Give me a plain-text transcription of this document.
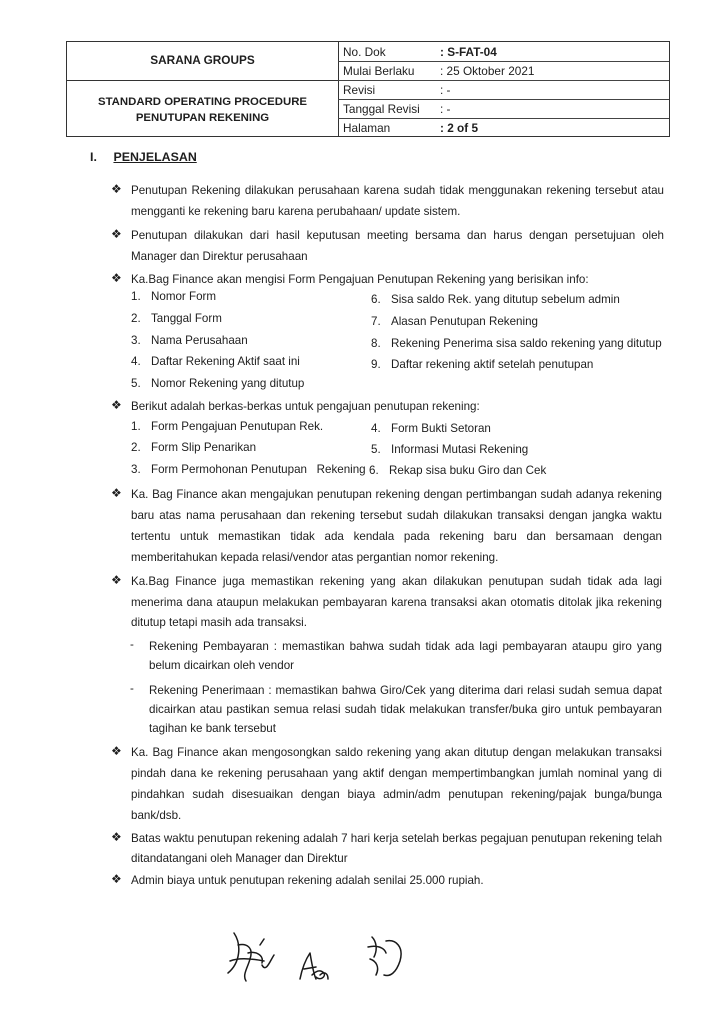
SARANA GROUPS
STANDARD OPERATING PROCEDURE
PENUTUPAN REKENING
No. Dok	: S-FAT-04
Mulai Berlaku : 25 Oktober 2021
Revisi	: -
Tanggal Revisi : -
Halaman	: 2 of 5
I. PENJELASAN
❖ Penutupan Rekening dilakukan perusahaan karena sudah tidak menggunakan rekening tersebut atau
mengganti ke rekening baru karena perubahaan/ update sistem.
❖ Penutupan dilakukan dari hasil keputusan meeting bersama dan harus dengan persetujuan oleh
Manager dan Direktur perusahaan
❖ Ka.Bag Finance akan mengisi Form Pengajuan Penutupan Rekening yang berisikan info:
1. Nomor Form
2. Tanggal Form
3. Nama Perusahaan
4. Daftar Rekening Aktif saat ini
5. Nomor Rekening yang ditutup
6. Sisa saldo Rek. yang ditutup sebelum admin
7. Alasan Penutupan Rekening
8. Rekening Penerima sisa saldo rekening yang ditutup
9. Daftar rekening aktif setelah penutupan
❖ Berikut adalah berkas-berkas untuk pengajuan penutupan rekening:
1. Form Pengajuan Penutupan Rek.
2. Form Slip Penarikan
3. Form Permohonan Penutupan   Rekening
4. Form Bukti Setoran
5. Informasi Mutasi Rekening
6. Rekap sisa buku Giro dan Cek
❖ Ka. Bag Finance akan mengajukan penutupan rekening dengan pertimbangan sudah adanya rekening
baru atas nama perusahaan dan rekening tersebut sudah dilakukan transaksi dengan jangka waktu
tertentu untuk memastikan tidak ada kendala pada rekening baru dan bersamaan dengan
memberitahukan kepada relasi/vendor atas pergantian nomor rekening.
❖ Ka.Bag Finance juga memastikan rekening yang akan dilakukan penutupan sudah tidak ada lagi
menerima dana ataupun melakukan pembayaran karena transaksi akan otomatis ditolak jika rekening
ditutup tetapi masih ada transaksi.
- Rekening Pembayaran : memastikan bahwa sudah tidak ada lagi pembayaran ataupu giro yang
belum dicairkan oleh vendor
- Rekening Penerimaan : memastikan bahwa Giro/Cek yang diterima dari relasi sudah semua dapat
dicairkan atau pastikan semua relasi sudah tidak melakukan transfer/buka giro untuk pembayaran
tagihan ke bank tersebut
❖ Ka. Bag Finance akan mengosongkan saldo rekening yang akan ditutup dengan melakukan transaksi
pindah dana ke rekening perusahaan yang aktif dengan mempertimbangkan jumlah nominal yang di
pindahkan sudah disesuaikan dengan biaya admin/adm penutupan rekening/pajak bunga/bunga
bank/dsb.
❖ Batas waktu penutupan rekening adalah 7 hari kerja setelah berkas pegajuan penutupan rekening telah
ditandatangani oleh Manager dan Direktur
❖ Admin biaya untuk penutupan rekening adalah senilai 25.000 rupiah.
